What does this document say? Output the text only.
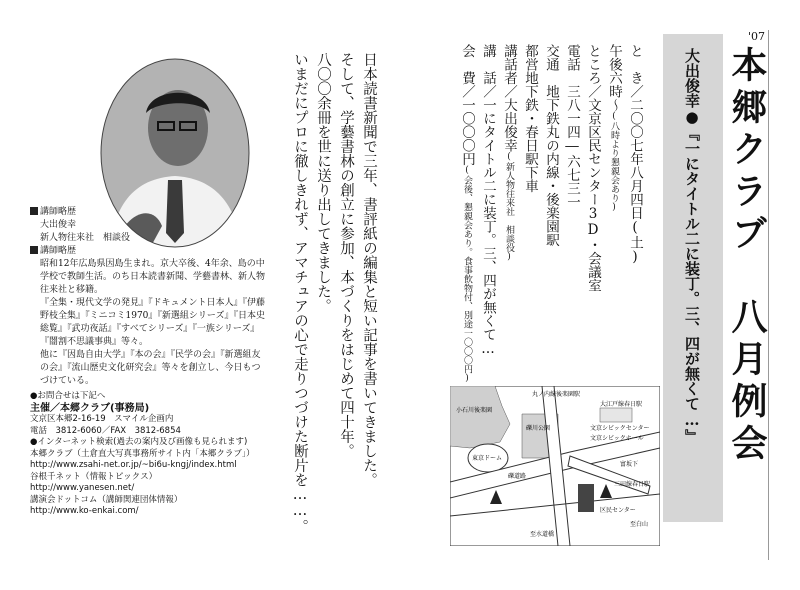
'07
本郷クラブ　八月例会
大出俊幸●『一にタイトル二に装丁。三、四が無くて…』
と　き／二〇〇七年八月四日(土)
午後六時～(八時より懇親会あり)
ところ／文京区民センター3D・会議室
電話　三八一四―六七三一
交通　地下鉄丸の内線・後楽園駅
都営地下鉄・春日駅下車
講話者／大出俊幸(新人物往来社　相談役)
講　話／一にタイトル二に装丁。三、四が無くて…
会　費／一〇〇〇円(会後、懇親会あり。食事飲物付、別途一〇〇〇円)
日本読書新聞で三年、書評紙の編集と短い記事を書いてきました。
そして、学藝書林の創立に参加、本づくりをはじめて四十年。
八〇〇余冊を世に送り出してきました。
いまだにプロに徹しきれず、アマチュアの心で走りつづけた断片を……。

講師略歴

大出俊幸

新人物往来社　相談役

講師略歴

昭和12年広島県因島生まれ。京大卒後、4年余、島の中学校で教師生活。のち日本読書新聞、学藝書林、新人物往来社と移籍。

『全集・現代文学の発見』『ドキュメント日本人』『伊藤野枝全集』『ミニコミ1970』『新選組シリーズ』『日本史総覧』『武功夜話』『すべてシリーズ』『一族シリーズ』『闇割不思議事典』等々。

他に『因島自由大学』『本の会』『民学の会』『新選組友の会』『流山歴史文化研究会』等々を創立し、今日もつづけている。

●お問合せは下記へ

主催／本郷クラブ(事務局)

文京区本郷2-16-19　スマイル企画内

電話　3812-6060／FAX　3812-6854

●インターネット検索(過去の案内及び画像も見られます)

本郷クラブ（土倉直大写真事務所サイト内「本郷クラブ」）

http://www.zsahi-net.or.jp/~bi6u-kngj/index.html

谷根千ネット（情報トピックス）

http://www.yanesen.net/

講演会ドットコム（講師関連団体情報）

http://www.ko-enkai.com/

丸ノ内線後楽園駅
小石川後楽園
東京ドーム
礫川公園
大江戸線春日駅
文京シビックセンター
文京シビックホール
富坂下
礫道路
三田線春日駅
区民センター
至水道橋
至白山
